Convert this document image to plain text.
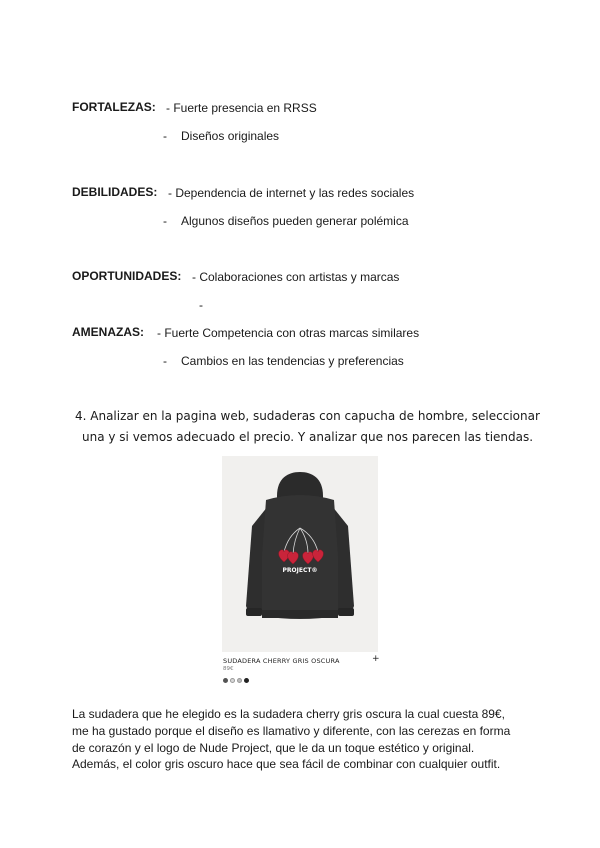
FORTALEZAS: - Fuerte presencia en RRSS
- Diseños originales
DEBILIDADES: - Dependencia de internet y las redes sociales
- Algunos diseños pueden generar polémica
OPORTUNIDADES: - Colaboraciones con artistas y marcas
-
AMENAZAS: - Fuerte Competencia con otras marcas similares
- Cambios en las tendencias y preferencias
4. Analizar en la pagina web, sudaderas con capucha de hombre, seleccionar
una y si vemos adecuado el precio. Y analizar que nos parecen las tiendas.
PROJECT®
SUDADERA CHERRY GRIS OSCURA	+
89€
La sudadera que he elegido es la sudadera cherry gris oscura la cual cuesta 89€,
me ha gustado porque el diseño es llamativo y diferente, con las cerezas en forma
de corazón y el logo de Nude Project, que le da un toque estético y original.
Además, el color gris oscuro hace que sea fácil de combinar con cualquier outfit.
